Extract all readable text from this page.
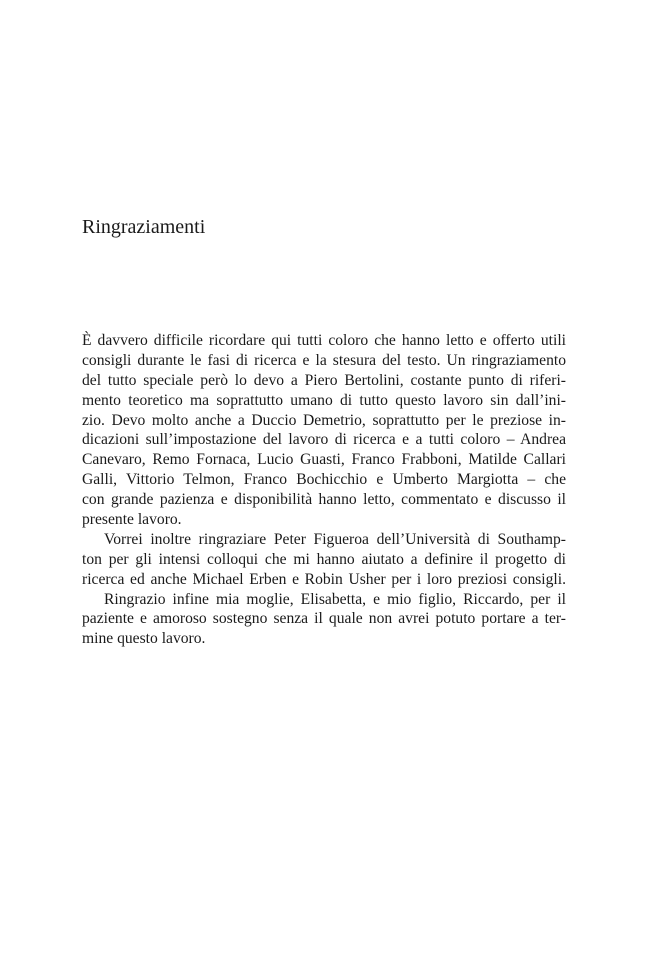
Ringraziamenti
È davvero difficile ricordare qui tutti coloro che hanno letto e offerto utili
consigli durante le fasi di ricerca e la stesura del testo. Un ringraziamento
del tutto speciale però lo devo a Piero Bertolini, costante punto di riferi-
mento teoretico ma soprattutto umano di tutto questo lavoro sin dall’ini-
zio. Devo molto anche a Duccio Demetrio, soprattutto per le preziose in-
dicazioni sull’impostazione del lavoro di ricerca e a tutti coloro – Andrea
Canevaro, Remo Fornaca, Lucio Guasti, Franco Frabboni, Matilde Callari
Galli, Vittorio Telmon, Franco Bochicchio e Umberto Margiotta – che
con grande pazienza e disponibilità hanno letto, commentato e discusso il
presente lavoro.
Vorrei inoltre ringraziare Peter Figueroa dell’Università di Southamp-
ton per gli intensi colloqui che mi hanno aiutato a definire il progetto di
ricerca ed anche Michael Erben e Robin Usher per i loro preziosi consigli.
Ringrazio infine mia moglie, Elisabetta, e mio figlio, Riccardo, per il
paziente e amoroso sostegno senza il quale non avrei potuto portare a ter-
mine questo lavoro.
